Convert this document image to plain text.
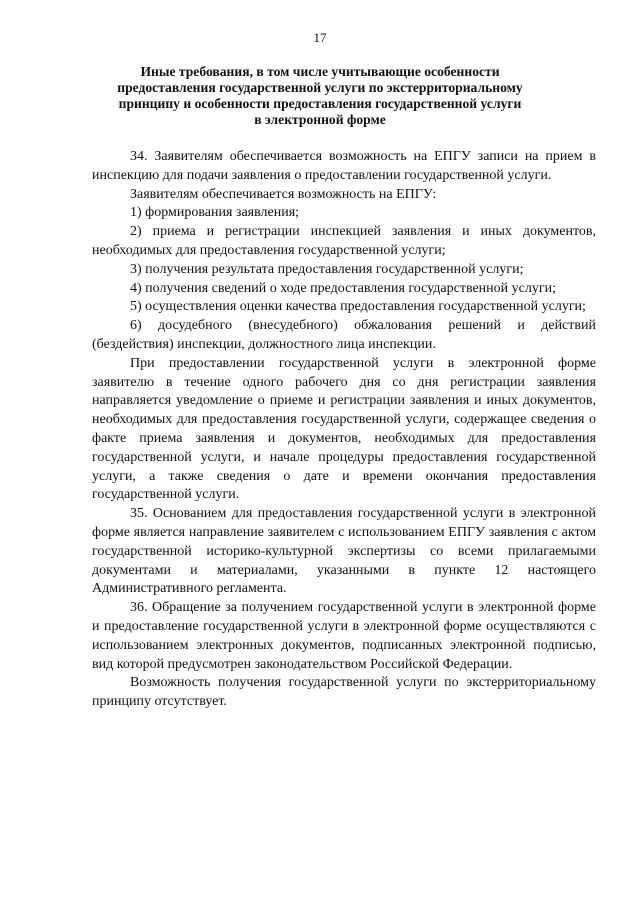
17
Иные требования, в том числе учитывающие особенности
предоставления государственной услуги по экстерриториальному
принципу и особенности предоставления государственной услуги
в электронной форме

34. Заявителям обеспечивается возможность на ЕПГУ записи на прием в инспекцию для подачи заявления о предоставлении государственной услуги.

Заявителям обеспечивается возможность на ЕПГУ:

1) формирования заявления;

2) приема и регистрации инспекцией заявления и иных документов, необходимых для предоставления государственной услуги;

3) получения результата предоставления государственной услуги;

4) получения сведений о ходе предоставления государственной услуги;

5) осуществления оценки качества предоставления государственной услуги;

6) досудебного (внесудебного) обжалования решений и действий (бездействия) инспекции, должностного лица инспекции.

При предоставлении государственной услуги в электронной форме заявителю в течение одного рабочего дня со дня регистрации заявления направляется уведомление о приеме и регистрации заявления и иных документов, необходимых для предоставления государственной услуги, содержащее сведения о факте приема заявления и документов, необходимых для предоставления государственной услуги, и начале процедуры предоставления государственной услуги, а также сведения о дате и времени окончания предоставления государственной услуги.

35. Основанием для предоставления государственной услуги в электронной форме является направление заявителем с использованием ЕПГУ заявления с актом государственной историко-культурной экспертизы со всеми прилагаемыми документами и материалами, указанными в пункте 12 настоящего Административного регламента.

36. Обращение за получением государственной услуги в электронной форме и предоставление государственной услуги в электронной форме осуществляются с использованием электронных документов, подписанных электронной подписью, вид которой предусмотрен законодательством Российской Федерации.

Возможность получения государственной услуги по экстерриториальному принципу отсутствует.
